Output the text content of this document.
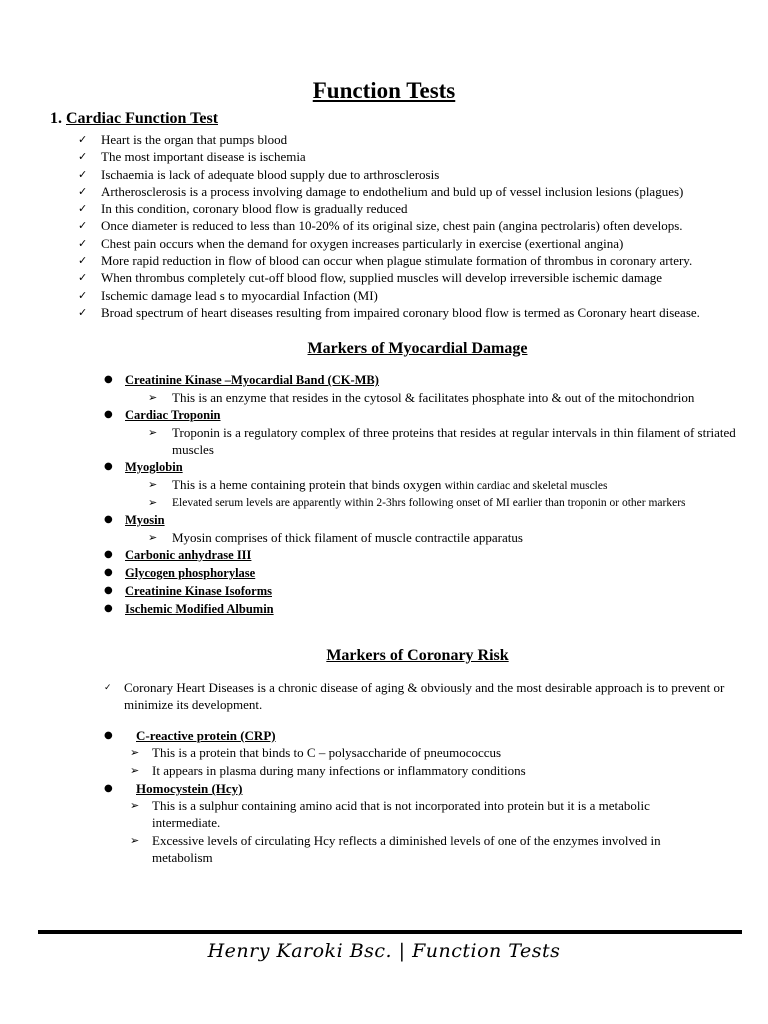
Function Tests
1. Cardiac Function Test
✓	Heart is the organ that pumps blood
✓	The most important disease is ischemia
✓	Ischaemia is lack of adequate blood supply due to arthrosclerosis
✓	Artherosclerosis is a process involving damage to endothelium and buld up of vessel inclusion lesions (plagues)
✓	In this condition, coronary blood flow is gradually reduced
✓	Once diameter is reduced to less than 10-20% of its original size, chest pain (angina pectrolaris) often develops.
✓	Chest pain occurs when the demand for oxygen increases particularly in exercise (exertional angina)
✓	More rapid reduction in flow of blood can occur when plague stimulate formation of thrombus in coronary artery.
✓	When thrombus completely cut-off blood flow, supplied muscles will develop irreversible ischemic damage
✓	Ischemic damage lead s to myocardial Infaction (MI)
✓	Broad spectrum of heart diseases resulting from impaired coronary blood flow is termed as Coronary heart disease.
Markers of Myocardial Damage
● Creatinine Kinase –Myocardial Band (CK-MB)
➢	This is an enzyme that resides in the cytosol & facilitates phosphate into & out of the mitochondrion
● Cardiac Troponin
➢	Troponin is a regulatory complex of three proteins that resides at regular intervals in thin filament of striated muscles
● Myoglobin
➢	This is a heme containing protein that binds oxygen within cardiac and skeletal muscles
➢	Elevated serum levels are apparently within 2-3hrs following onset of MI earlier than troponin or other markers
● Myosin
➢	Myosin comprises of thick filament of muscle contractile apparatus
● Carbonic anhydrase III
● Glycogen phosphorylase
● Creatinine Kinase Isoforms
● Ischemic Modified Albumin
Markers of Coronary Risk
✓ Coronary Heart Diseases is a chronic disease of aging & obviously and the most desirable approach is to prevent or minimize its development.
●	C-reactive protein (CRP)
➢ This is a protein that binds to C – polysaccharide of pneumococcus
➢ It appears in plasma during many infections or inflammatory conditions
●	Homocystein (Hcy)
➢ This is a sulphur containing amino acid that is not incorporated into protein but it is a metabolic intermediate.
➢ Excessive levels of circulating Hcy reflects a diminished levels of one of the enzymes involved in metabolism
Henry Karoki Bsc. | Function Tests
